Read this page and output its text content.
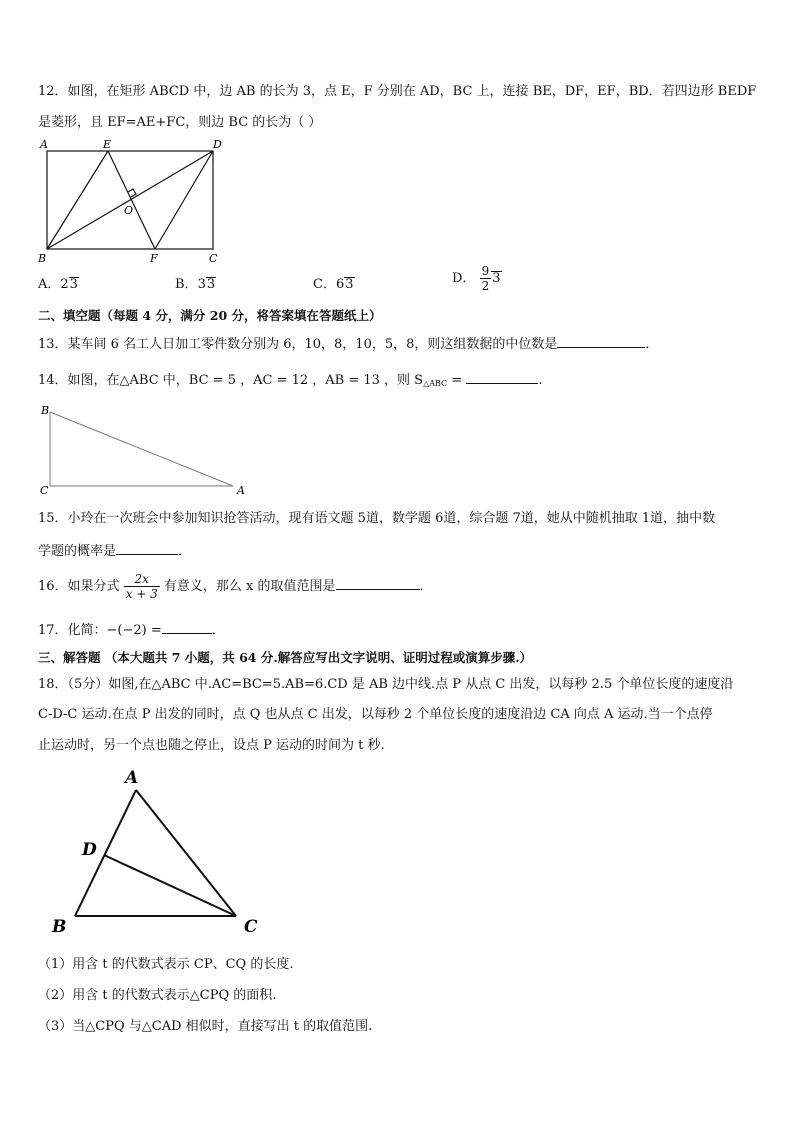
12．如图，在矩形 ABCD 中，边 AB 的长为 3，点 E，F 分别在 AD，BC 上，连接 BE，DF，EF，BD．若四边形 BEDF
是菱形，且 EF=AE+FC，则边 BC 的长为（ ）
A	E	D
O
B	F	C
B
C	A
A
D
B	C
A．23	B．33	C．63	D． $\frac{9}{2} 3$
二、填空题（每题 4 分，满分 20 分，将答案填在答题纸上）
13．某车间 6 名工人日加工零件数分别为 6，10，8，10，5，8，则这组数据的中位数是	．
14．如图，在△ABC 中，BC = 5 ，AC = 12 ，AB = 13 ，则 $S_{\triangle ABC}$ =	.
15．小玲在一次班会中参加知识抢答活动，现有语文题 5道，数学题 6道，综合题 7道，她从中随机抽取 1道，抽中数
学题的概率是	．
16．如果分式 $\frac{2x}{x + 3}$ 有意义，那么 x 的取值范围是	．
17．化简：−(−2) =	．
三、解答题 （本大题共 7 小题，共 64 分.解答应写出文字说明、证明过程或演算步骤.）
18．（5分）如图,在△ABC 中.AC=BC=5.AB=6.CD 是 AB 边中线.点 P 从点 C 出发，以每秒 2.5 个单位长度的速度沿
C-D-C 运动.在点 P 出发的同时，点 Q 也从点 C 出发，以每秒 2 个单位长度的速度沿边 CA 向点 A 运动.当一个点停
止运动时，另一个点也随之停止，设点 P 运动的时间为 t 秒.
（1）用含 t 的代数式表示 CP、CQ 的长度.
（2）用含 t 的代数式表示△CPQ 的面积.
（3）当△CPQ 与△CAD 相似时，直接写出 t 的取值范围.
